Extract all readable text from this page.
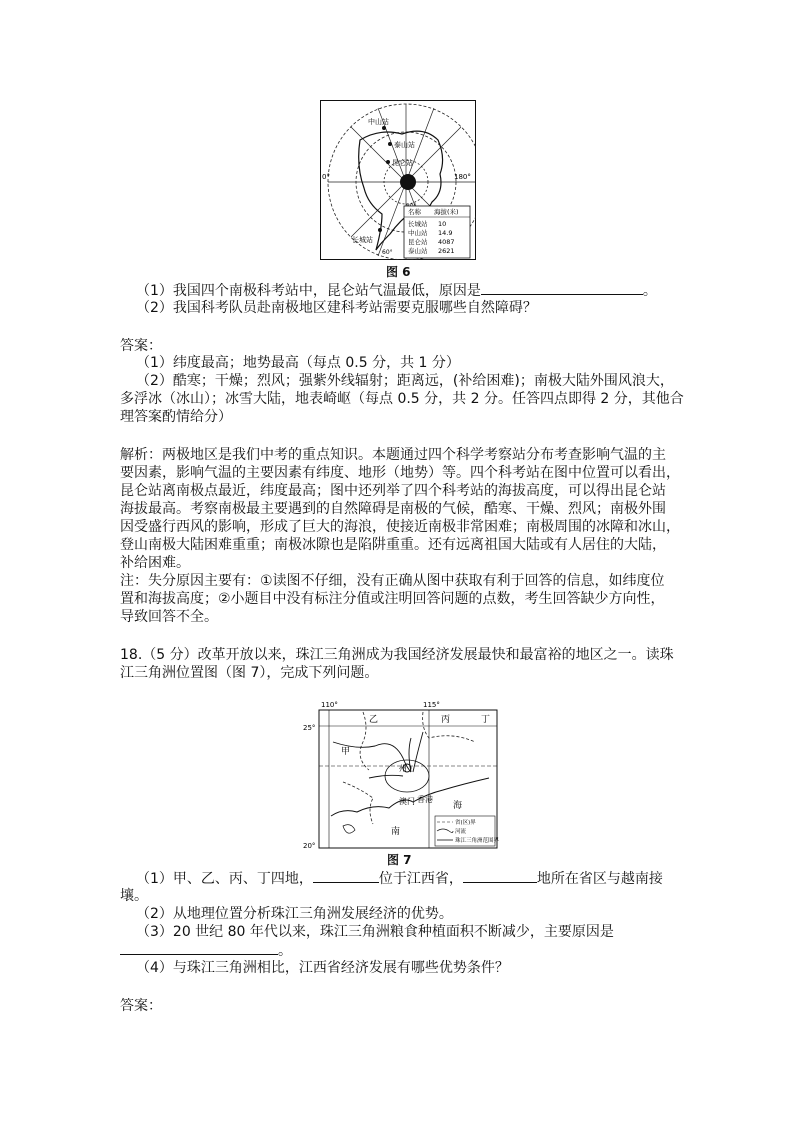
中山站
泰山站
昆仑站
长城站
0°	180°
60°
名称 海拔(米)
长城站 10
中山站 14.9
昆仑站 4087
泰山站 2621
图 6
（1）我国四个南极科考站中，昆仑站气温最低，原因是	。
（2）我国科考队员赴南极地区建科考站需要克服哪些自然障碍？
答案：
（1）纬度最高；地势最高（每点 0.5 分，共 1 分）
（2）酷寒；干燥；烈风；强紫外线辐射；距离远，(补给困难)；南极大陆外围风浪大，
多浮冰（冰山）；冰雪大陆，地表崎岖（每点 0.5 分，共 2 分。任答四点即得 2 分，其他合
理答案酌情给分）
解析：两极地区是我们中考的重点知识。本题通过四个科学考察站分布考查影响气温的主
要因素，影响气温的主要因素有纬度、地形（地势）等。四个科考站在图中位置可以看出，
昆仑站离南极点最近，纬度最高；图中还列举了四个科考站的海拔高度，可以得出昆仑站
海拔最高。考察南极最主要遇到的自然障碍是南极的气候，酷寒、干燥、烈风；南极外围
因受盛行西风的影响，形成了巨大的海浪，使接近南极非常困难；南极周围的冰障和冰山，
登山南极大陆困难重重；南极冰隙也是陷阱重重。还有远离祖国大陆或有人居住的大陆，
补给困难。
注：失分原因主要有：①读图不仔细，没有正确从图中获取有利于回答的信息，如纬度位
置和海拔高度；②小题目中没有标注分值或注明回答问题的点数，考生回答缺少方向性，
导致回答不全。
18.（5 分）改革开放以来，珠江三角洲成为我国经济发展最快和最富裕的地区之一。读珠
江三角洲位置图（图 7），完成下列问题。
110°	115°
25°
20°
乙	丙	丁
甲
州
香港
澳门	海
南
省(区)界
河流
珠江三角洲范围界
图 7
（1）甲、乙、丙、丁四地，	位于江西省，	地所在省区与越南接
壤。
（2）从地理位置分析珠江三角洲发展经济的优势。
（3）20 世纪 80 年代以来，珠江三角洲粮食种植面积不断减少，主要原因是
。
（4）与珠江三角洲相比，江西省经济发展有哪些优势条件？
答案：
